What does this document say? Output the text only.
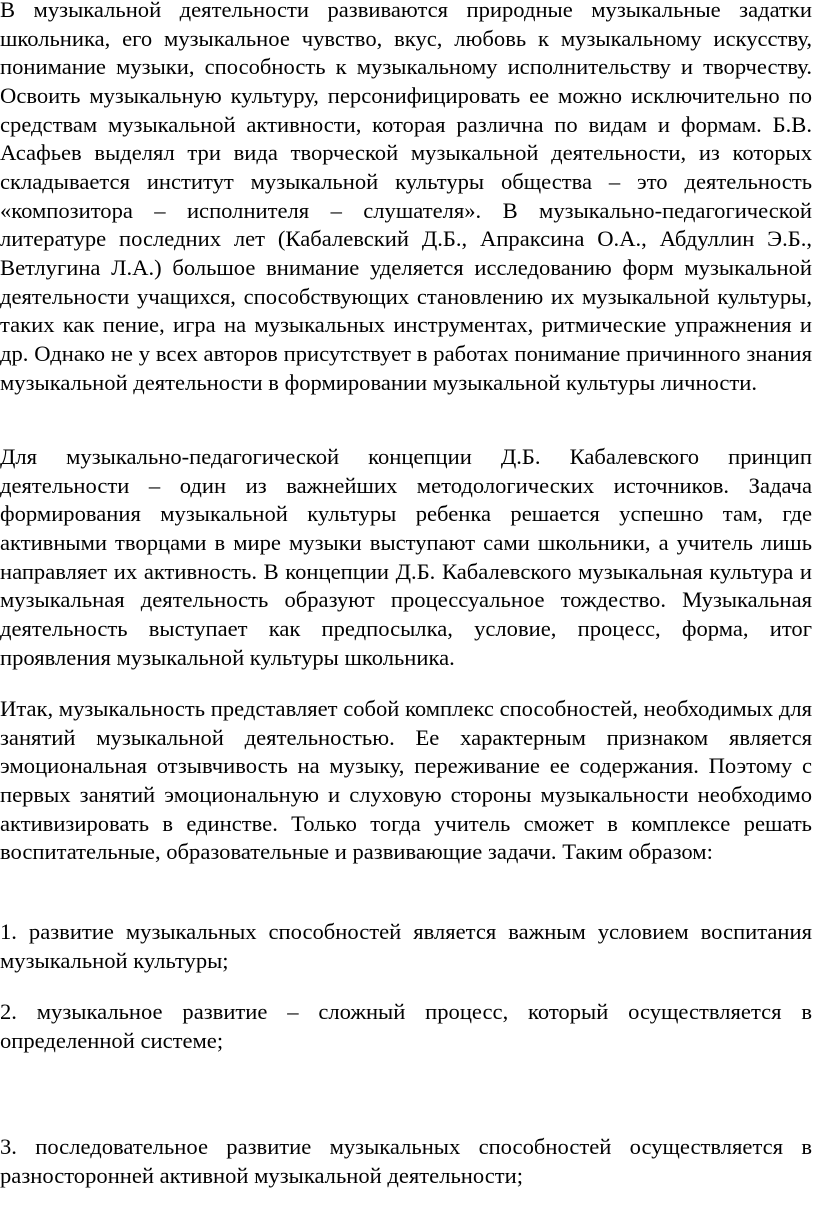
В музыкальной деятельности развиваются природные музыкальные задатки школьника, его музыкальное чувство, вкус, любовь к музыкальному искусству, понимание музыки, способность к музыкальному исполнительству и творчеству. Освоить музыкальную культуру, персонифицировать ее можно исключительно по средствам музыкальной активности, которая различна по видам и формам. Б.В. Асафьев выделял три вида творческой музыкальной деятельности, из которых складывается институт музыкальной культуры общества – это деятельность «композитора – исполнителя – слушателя». В музыкально-педагогической литературе последних лет (Кабалевский Д.Б., Апраксина О.А., Абдуллин Э.Б., Ветлугина Л.А.) большое внимание уделяется исследованию форм музыкальной деятельности учащихся, способствующих становлению их музыкальной культуры, таких как пение, игра на музыкальных инструментах, ритмические упражнения и др. Однако не у всех авторов присутствует в работах понимание причинного знания музыкальной деятельности в формировании музыкальной культуры личности.

Для музыкально-педагогической концепции Д.Б. Кабалевского принцип деятельности – один из важнейших методологических источников. Задача формирования музыкальной культуры ребенка решается успешно там, где активными творцами в мире музыки выступают сами школьники, а учитель лишь направляет их активность. В концепции Д.Б. Кабалевского музыкальная культура и музыкальная деятельность образуют процессуальное тождество. Музыкальная деятельность выступает как предпосылка, условие, процесс, форма, итог проявления музыкальной культуры школьника.

Итак, музыкальность представляет собой комплекс способностей, необходимых для занятий музыкальной деятельностью. Ее характерным признаком является эмоциональная отзывчивость на музыку, переживание ее содержания. Поэтому с первых занятий эмоциональную и слуховую стороны музыкальности необходимо активизировать в единстве. Только тогда учитель сможет в комплексе решать воспитательные, образовательные и развивающие задачи. Таким образом:

1. развитие музыкальных способностей является важным условием воспитания музыкальной культуры;

2. музыкальное развитие – сложный процесс, который осуществляется в определенной системе;

3. последовательное развитие музыкальных способностей осуществляется в разносторонней активной музыкальной деятельности;
